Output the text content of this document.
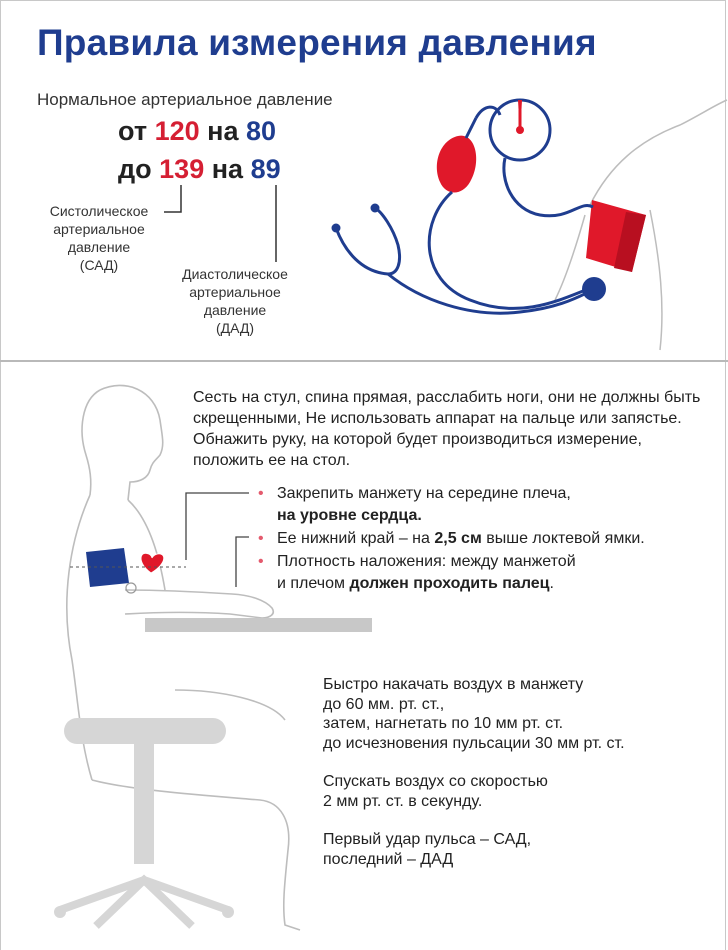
Правила измерения давления
Нормальное артериальное давление
от 120 на 80
до 139 на 89
Систолическое
артериальное
давление
(САД)
Диастолическое
артериальное
давление
(ДАД)
Сесть на стул, спина прямая, расслабить ноги, они не должны быть скрещенными, Не использовать аппарат на пальце или запястье. Обнажить руку, на которой будет производиться измерение, положить ее на стол.
• Закрепить манжету на середине плеча,
на уровне сердца.
• Ее нижний край – на 2,5 см выше локтевой ямки.
• Плотность наложения: между манжетой
и плечом должен проходить палец.

Быстро накачать воздух в манжету
до 60 мм. рт. ст.,
затем, нагнетать по 10 мм рт. ст.
до исчезновения пульсации 30 мм рт. ст.

Спускать воздух со скоростью
2 мм рт. ст. в секунду.

Первый удар пульса – САД,
последний – ДАД
